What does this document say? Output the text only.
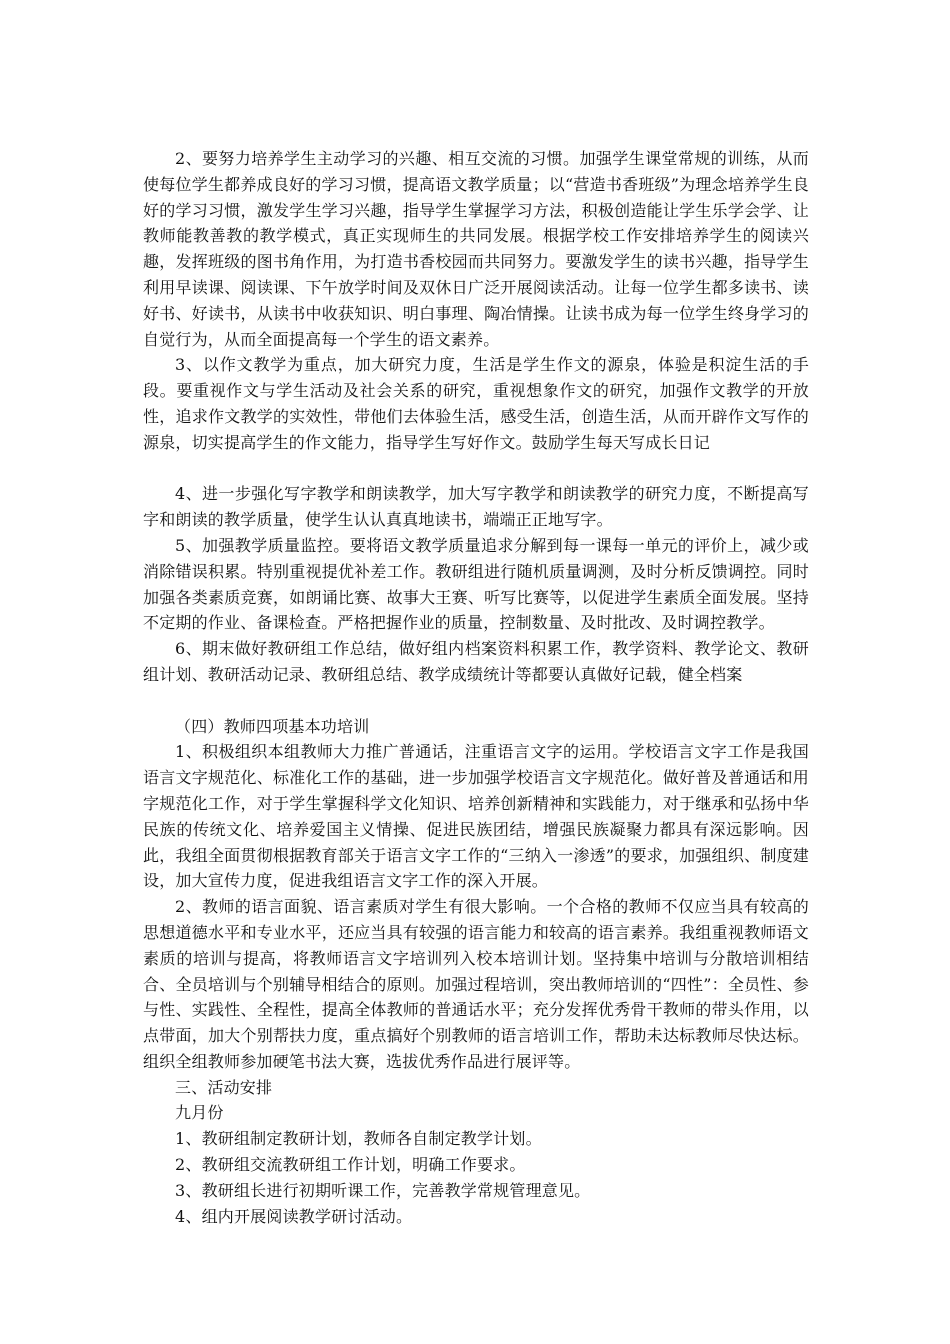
2、要努力培养学生主动学习的兴趣、相互交流的习惯。加强学生课堂常规的训练，从而使每位学生都养成良好的学习习惯，提高语文教学质量；以“营造书香班级”为理念培养学生良好的学习习惯，激发学生学习兴趣，指导学生掌握学习方法，积极创造能让学生乐学会学、让教师能教善教的教学模式，真正实现师生的共同发展。根据学校工作安排培养学生的阅读兴趣，发挥班级的图书角作用，为打造书香校园而共同努力。要激发学生的读书兴趣，指导学生利用早读课、阅读课、下午放学时间及双休日广泛开展阅读活动。让每一位学生都多读书、读好书、好读书，从读书中收获知识、明白事理、陶冶情操。让读书成为每一位学生终身学习的自觉行为，从而全面提高每一个学生的语文素养。

3、以作文教学为重点，加大研究力度，生活是学生作文的源泉，体验是积淀生活的手段。要重视作文与学生活动及社会关系的研究，重视想象作文的研究，加强作文教学的开放性，追求作文教学的实效性，带他们去体验生活，感受生活，创造生活，从而开辟作文写作的源泉，切实提高学生的作文能力，指导学生写好作文。鼓励学生每天写成长日记

4、进一步强化写字教学和朗读教学，加大写字教学和朗读教学的研究力度，不断提高写字和朗读的教学质量，使学生认认真真地读书，端端正正地写字。

5、加强教学质量监控。要将语文教学质量追求分解到每一课每一单元的评价上，减少或消除错误积累。特别重视提优补差工作。教研组进行随机质量调测，及时分析反馈调控。同时加强各类素质竞赛，如朗诵比赛、故事大王赛、听写比赛等，以促进学生素质全面发展。坚持不定期的作业、备课检查。严格把握作业的质量，控制数量、及时批改、及时调控教学。

6、期末做好教研组工作总结，做好组内档案资料积累工作，教学资料、教学论文、教研组计划、教研活动记录、教研组总结、教学成绩统计等都要认真做好记载，健全档案

（四）教师四项基本功培训

1、积极组织本组教师大力推广普通话，注重语言文字的运用。学校语言文字工作是我国语言文字规范化、标准化工作的基础，进一步加强学校语言文字规范化。做好普及普通话和用字规范化工作，对于学生掌握科学文化知识、培养创新精神和实践能力，对于继承和弘扬中华民族的传统文化、培养爱国主义情操、促进民族团结，增强民族凝聚力都具有深远影响。因此，我组全面贯彻根据教育部关于语言文字工作的“三纳入一渗透”的要求，加强组织、制度建设，加大宣传力度，促进我组语言文字工作的深入开展。

2、教师的语言面貌、语言素质对学生有很大影响。一个合格的教师不仅应当具有较高的思想道德水平和专业水平，还应当具有较强的语言能力和较高的语言素养。我组重视教师语文素质的培训与提高，将教师语言文字培训列入校本培训计划。坚持集中培训与分散培训相结合、全员培训与个别辅导相结合的原则。加强过程培训，突出教师培训的“四性”：全员性、参与性、实践性、全程性，提高全体教师的普通话水平；充分发挥优秀骨干教师的带头作用，以点带面，加大个别帮扶力度，重点搞好个别教师的语言培训工作，帮助未达标教师尽快达标。组织全组教师参加硬笔书法大赛，选拔优秀作品进行展评等。

三、活动安排

九月份

1、教研组制定教研计划，教师各自制定教学计划。

2、教研组交流教研组工作计划，明确工作要求。

3、教研组长进行初期听课工作，完善教学常规管理意见。

4、组内开展阅读教学研讨活动。
